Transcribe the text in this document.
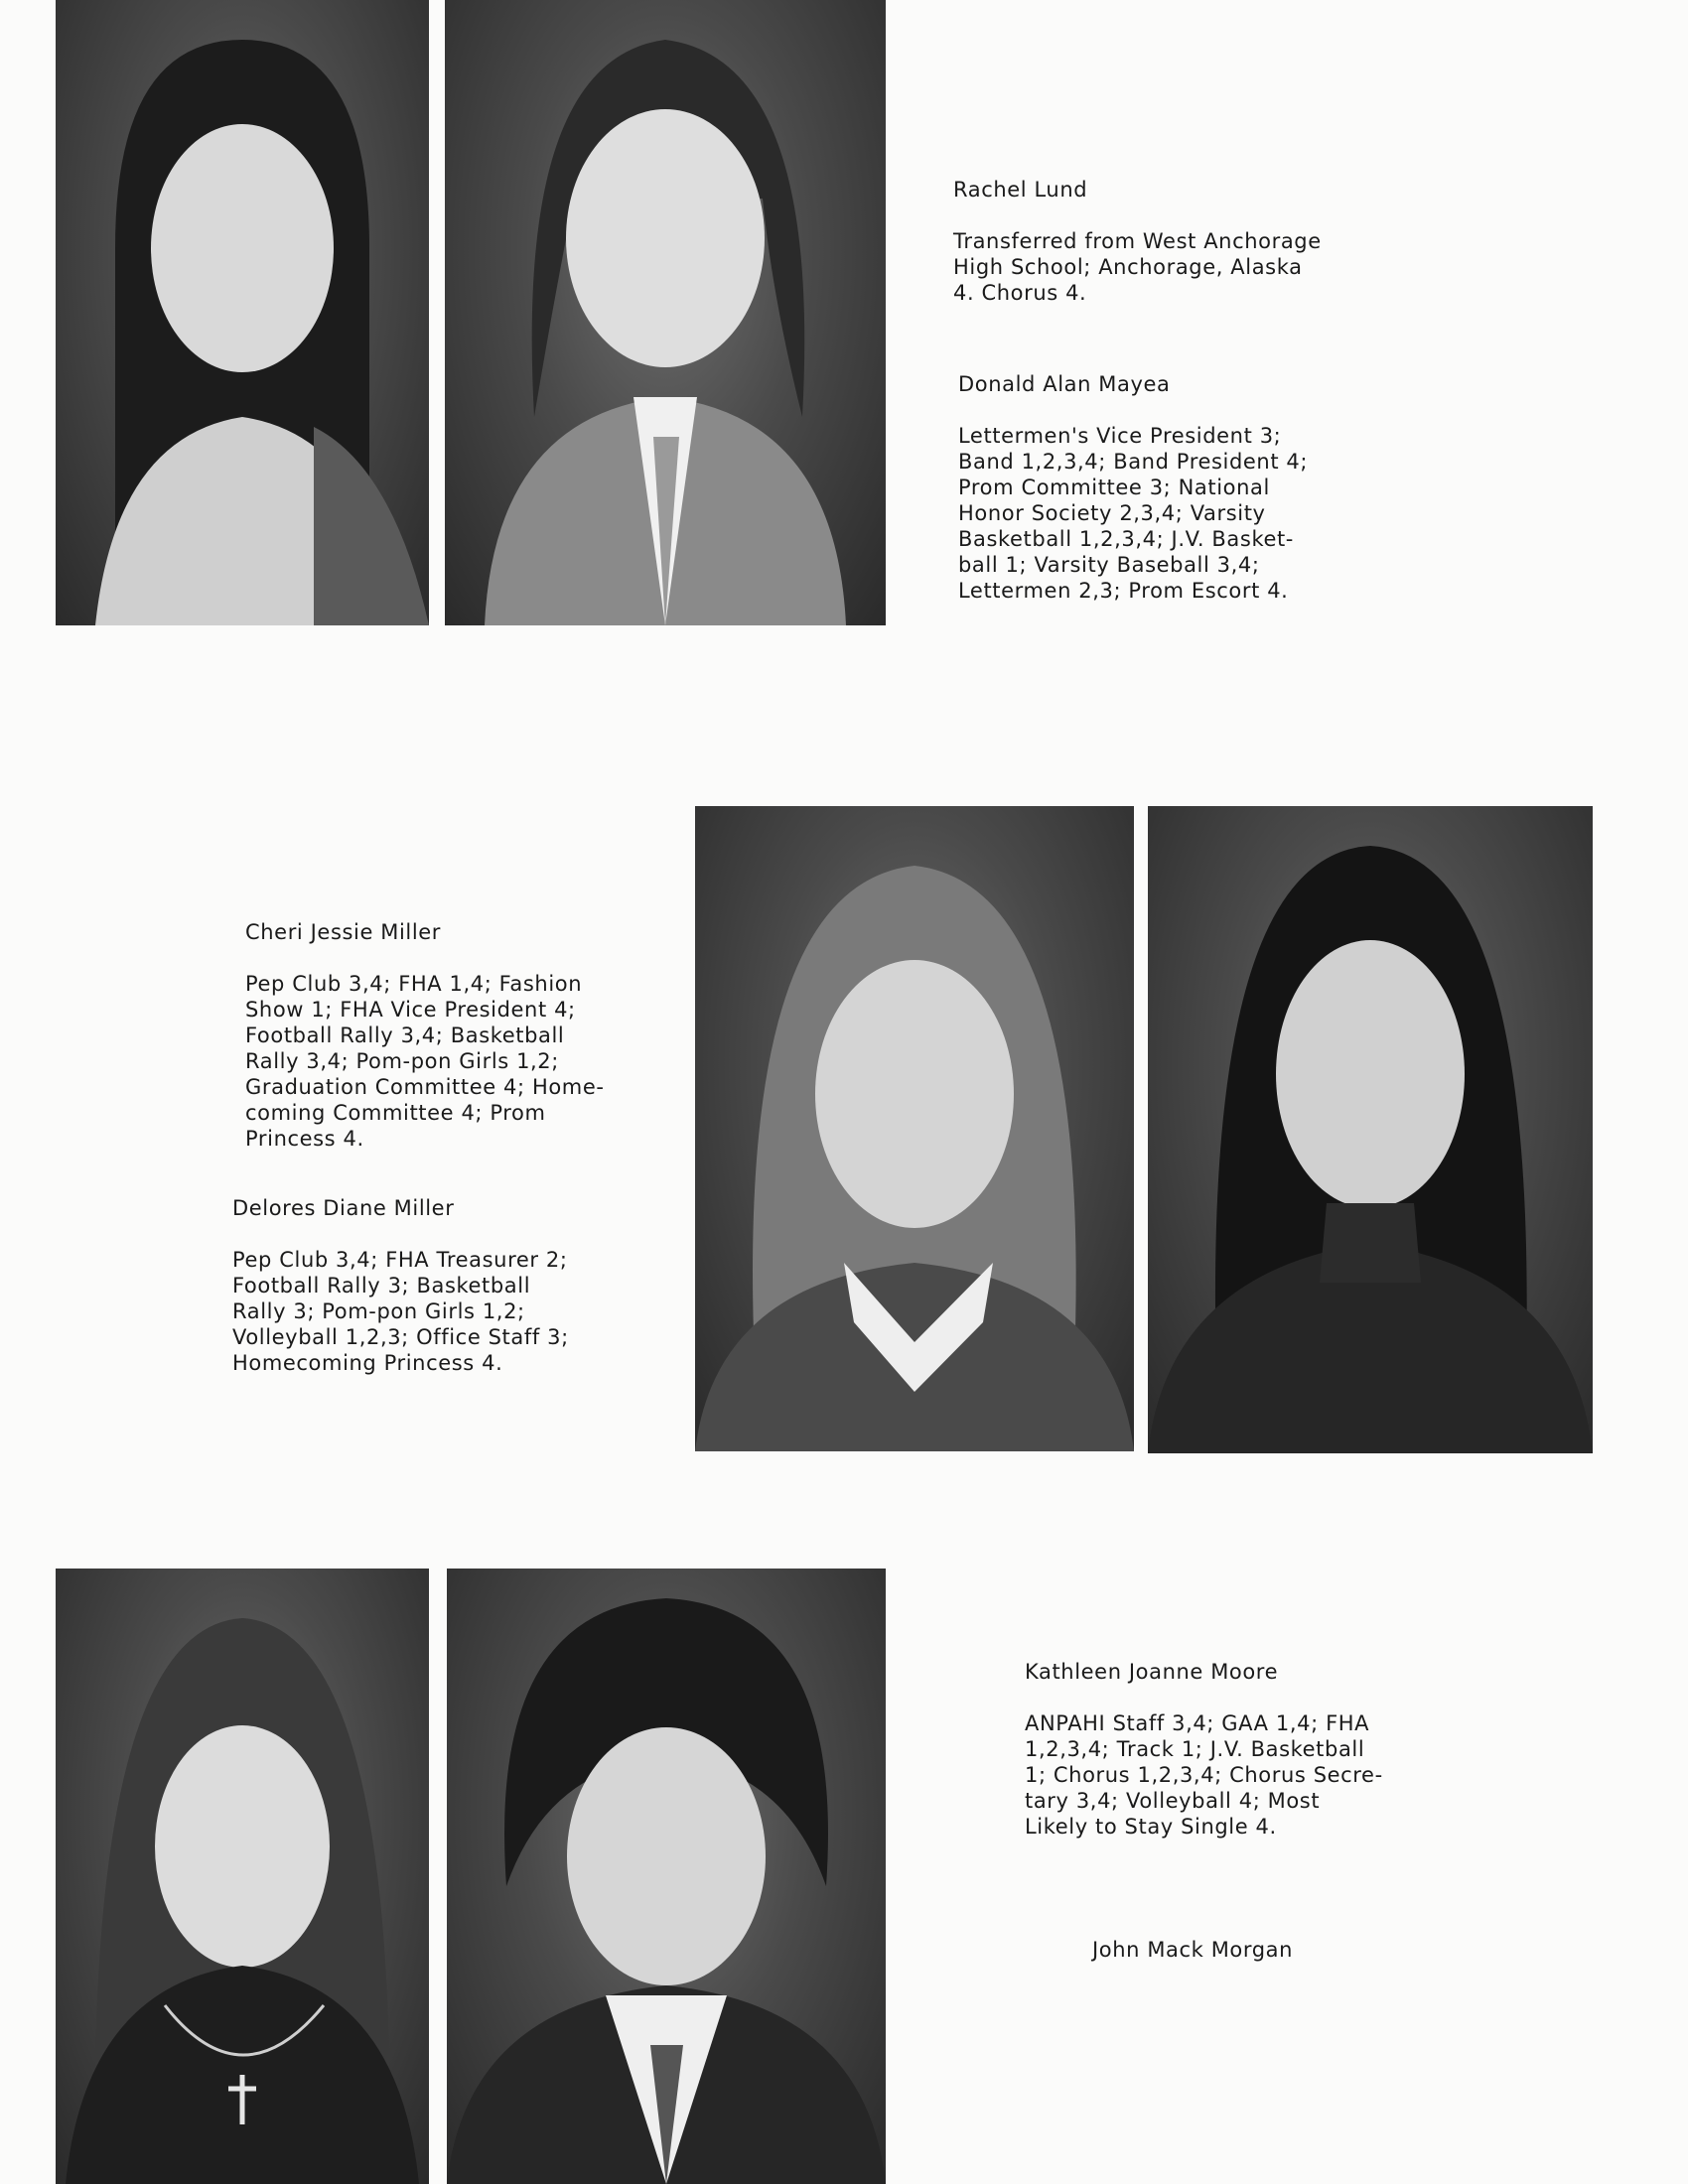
Rachel Lund

Transferred from West Anchorage
High School; Anchorage, Alaska
4. Chorus 4.

Donald Alan Mayea

Lettermen's Vice President 3;
Band 1,2,3,4; Band President 4;
Prom Committee 3; National
Honor Society 2,3,4; Varsity
Basketball 1,2,3,4; J.V. Basket-
ball 1; Varsity Baseball 3,4;
Lettermen 2,3; Prom Escort 4.

Cheri Jessie Miller

Pep Club 3,4; FHA 1,4; Fashion
Show 1; FHA Vice President 4;
Football Rally 3,4; Basketball
Rally 3,4; Pom-pon Girls 1,2;
Graduation Committee 4; Home-
coming Committee 4; Prom
Princess 4.

Delores Diane Miller

Pep Club 3,4; FHA Treasurer 2;
Football Rally 3; Basketball
Rally 3; Pom-pon Girls 1,2;
Volleyball 1,2,3; Office Staff 3;
Homecoming Princess 4.

Kathleen Joanne Moore

ANPAHI Staff 3,4; GAA 1,4; FHA
1,2,3,4; Track 1; J.V. Basketball
1; Chorus 1,2,3,4; Chorus Secre-
tary 3,4; Volleyball 4; Most
Likely to Stay Single 4.

John Mack Morgan
